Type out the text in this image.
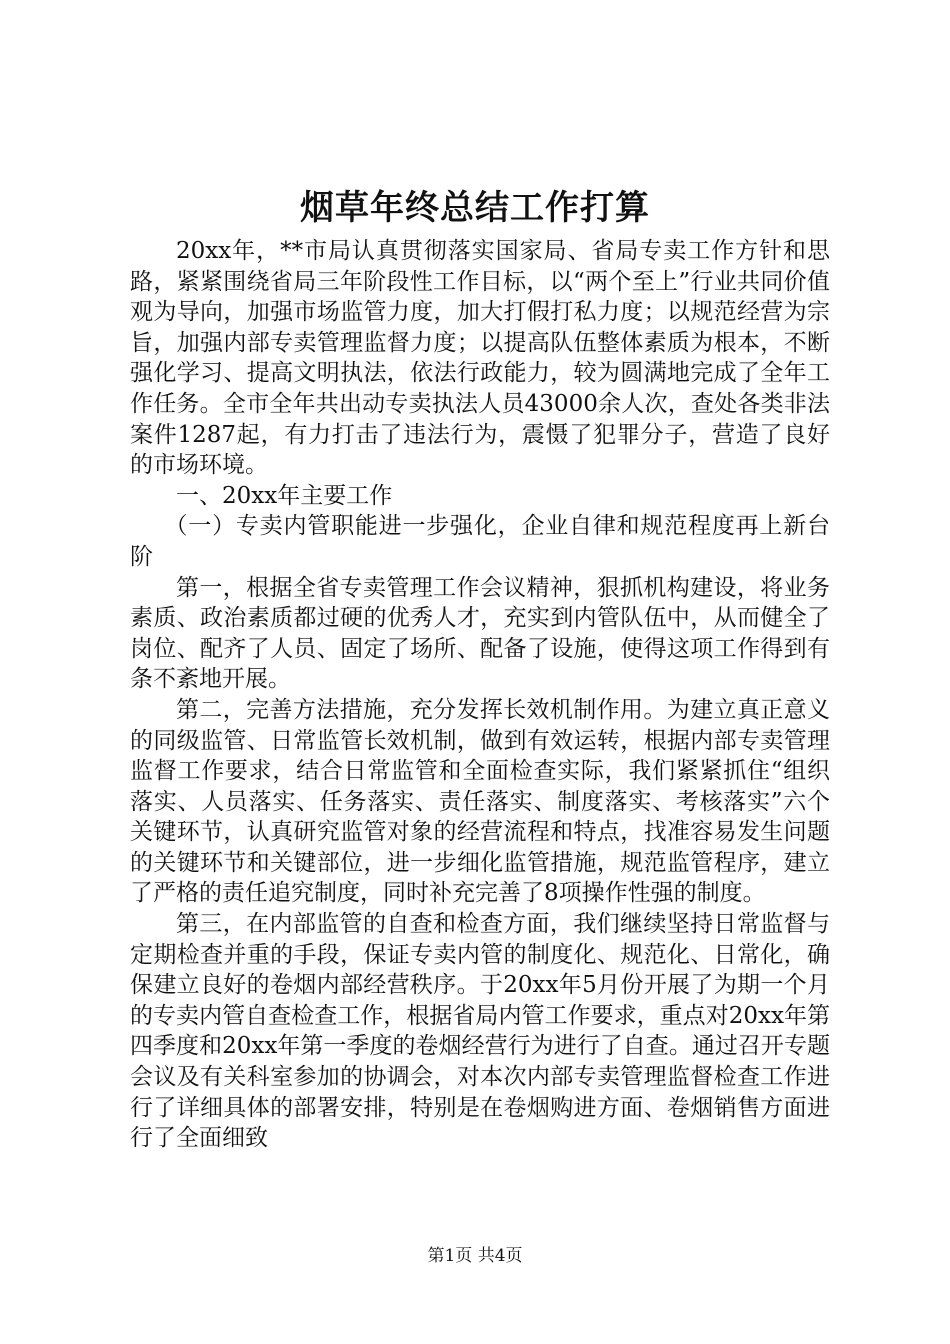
烟草年终总结工作打算

20xx年，**市局认真贯彻落实国家局、省局专卖工作方针和思路，紧紧围绕省局三年阶段性工作目标，以“两个至上”行业共同价值观为导向，加强市场监管力度，加大打假打私力度；以规范经营为宗旨，加强内部专卖管理监督力度；以提高队伍整体素质为根本，不断强化学习、提高文明执法，依法行政能力，较为圆满地完成了全年工作任务。全市全年共出动专卖执法人员43000余人次，查处各类非法案件1287起，有力打击了违法行为，震慑了犯罪分子，营造了良好的市场环境。

一、20xx年主要工作

（一）专卖内管职能进一步强化，企业自律和规范程度再上新台阶

第一，根据全省专卖管理工作会议精神，狠抓机构建设，将业务素质、政治素质都过硬的优秀人才，充实到内管队伍中，从而健全了岗位、配齐了人员、固定了场所、配备了设施，使得这项工作得到有条不紊地开展。

第二，完善方法措施，充分发挥长效机制作用。为建立真正意义的同级监管、日常监管长效机制，做到有效运转，根据内部专卖管理监督工作要求，结合日常监管和全面检查实际，我们紧紧抓住“组织落实、人员落实、任务落实、责任落实、制度落实、考核落实”六个关键环节，认真研究监管对象的经营流程和特点，找准容易发生问题的关键环节和关键部位，进一步细化监管措施，规范监管程序，建立了严格的责任追究制度，同时补充完善了8项操作性强的制度。

第三，在内部监管的自查和检查方面，我们继续坚持日常监督与定期检查并重的手段，保证专卖内管的制度化、规范化、日常化，确保建立良好的卷烟内部经营秩序。于20xx年5月份开展了为期一个月的专卖内管自查检查工作，根据省局内管工作要求，重点对20xx年第四季度和20xx年第一季度的卷烟经营行为进行了自查。通过召开专题会议及有关科室参加的协调会，对本次内部专卖管理监督检查工作进行了详细具体的部署安排，特别是在卷烟购进方面、卷烟销售方面进行了全面细致

第1页 共4页
